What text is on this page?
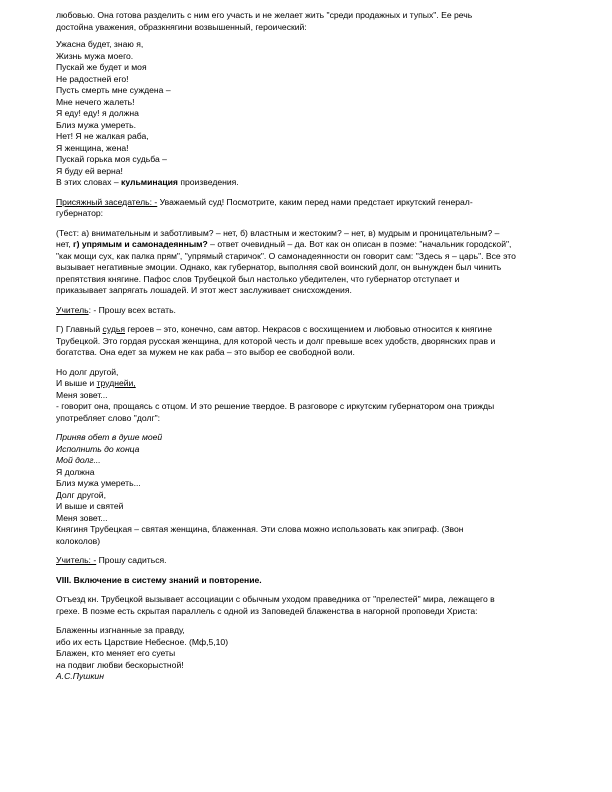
любовью. Она готова разделить с ним его участь и не желает жить "среди продажных и тупых". Ее речь
достойна уважения, образкнягини возвышенный, героический:

Ужасна будет, знаю я,
Жизнь мужа моего.
Пускай же будет и моя
Не радостней его!
Пусть смерть мне суждена –
Мне нечего жалеть!
Я еду! еду! я должна
Близ мужа умереть.
Нет! Я не жалкая раба,
Я женщина, жена!
Пускай горька моя судьба –
Я буду ей верна!
В этих словах – кульминация произведения.

Присяжный заседатель: - Уважаемый суд! Посмотрите, каким перед нами предстает иркутский генерал-
губернатор:

(Тест: а) внимательным и заботливым? – нет, б) властным и жестоким? – нет, в) мудрым и проницательным? –
нет, г) упрямым и самонадеянным? – ответ очевидный – да. Вот как он описан в поэме: "начальник городской",
"как мощи сух, как палка прям", "упрямый старичок". О самонадеянности он говорит сам: "Здесь я – царь". Все это
вызывает негативные эмоции. Однако, как губернатор, выполняя свой воинский долг, он вынужден был чинить
препятствия княгине. Пафос слов Трубецкой был настолько убедителен, что губернатор отступает и
приказывает запрягать лошадей. И этот жест заслуживает снисхождения.

Учитель: - Прошу всех встать.

Г) Главный судья героев – это, конечно, сам автор. Некрасов с восхищением и любовью относится к княгине
Трубецкой. Это гордая русская женщина, для которой честь и долг превыше всех удобств, дворянских прав и
богатства. Она едет за мужем не как раба – это выбор ее свободной воли.

Но долг другой,
И выше и труднейи,
Меня зовет...
- говорит она, прощаясь с отцом. И это решение твердое. В разговоре с иркутским губернатором она трижды
употребляет слово "долг":

Приняв обет в душе моей
Исполнить до конца
Мой долг...
Я должна
Близ мужа умереть...
Долг другой,
И выше и святей
Меня зовет...
Княгиня Трубецкая – святая женщина, блаженная. Эти слова можно использовать как эпиграф. (Звон
колоколов)

Учитель: - Прошу садиться.

VIII. Включение в систему знаний и повторение.

Отъезд кн. Трубецкой вызывает ассоциации с обычным уходом праведника от "прелестей" мира, лежащего в
грехе. В поэме есть скрытая параллель с одной из Заповедей блаженства в нагорной проповеди Христа:

Блаженны изгнанные за правду,
ибо их есть Царствие Небесное. (Мф,5,10)
Блажен, кто меняет его суеты
на подвиг любви бескорыстной!
А.С.Пушкин
